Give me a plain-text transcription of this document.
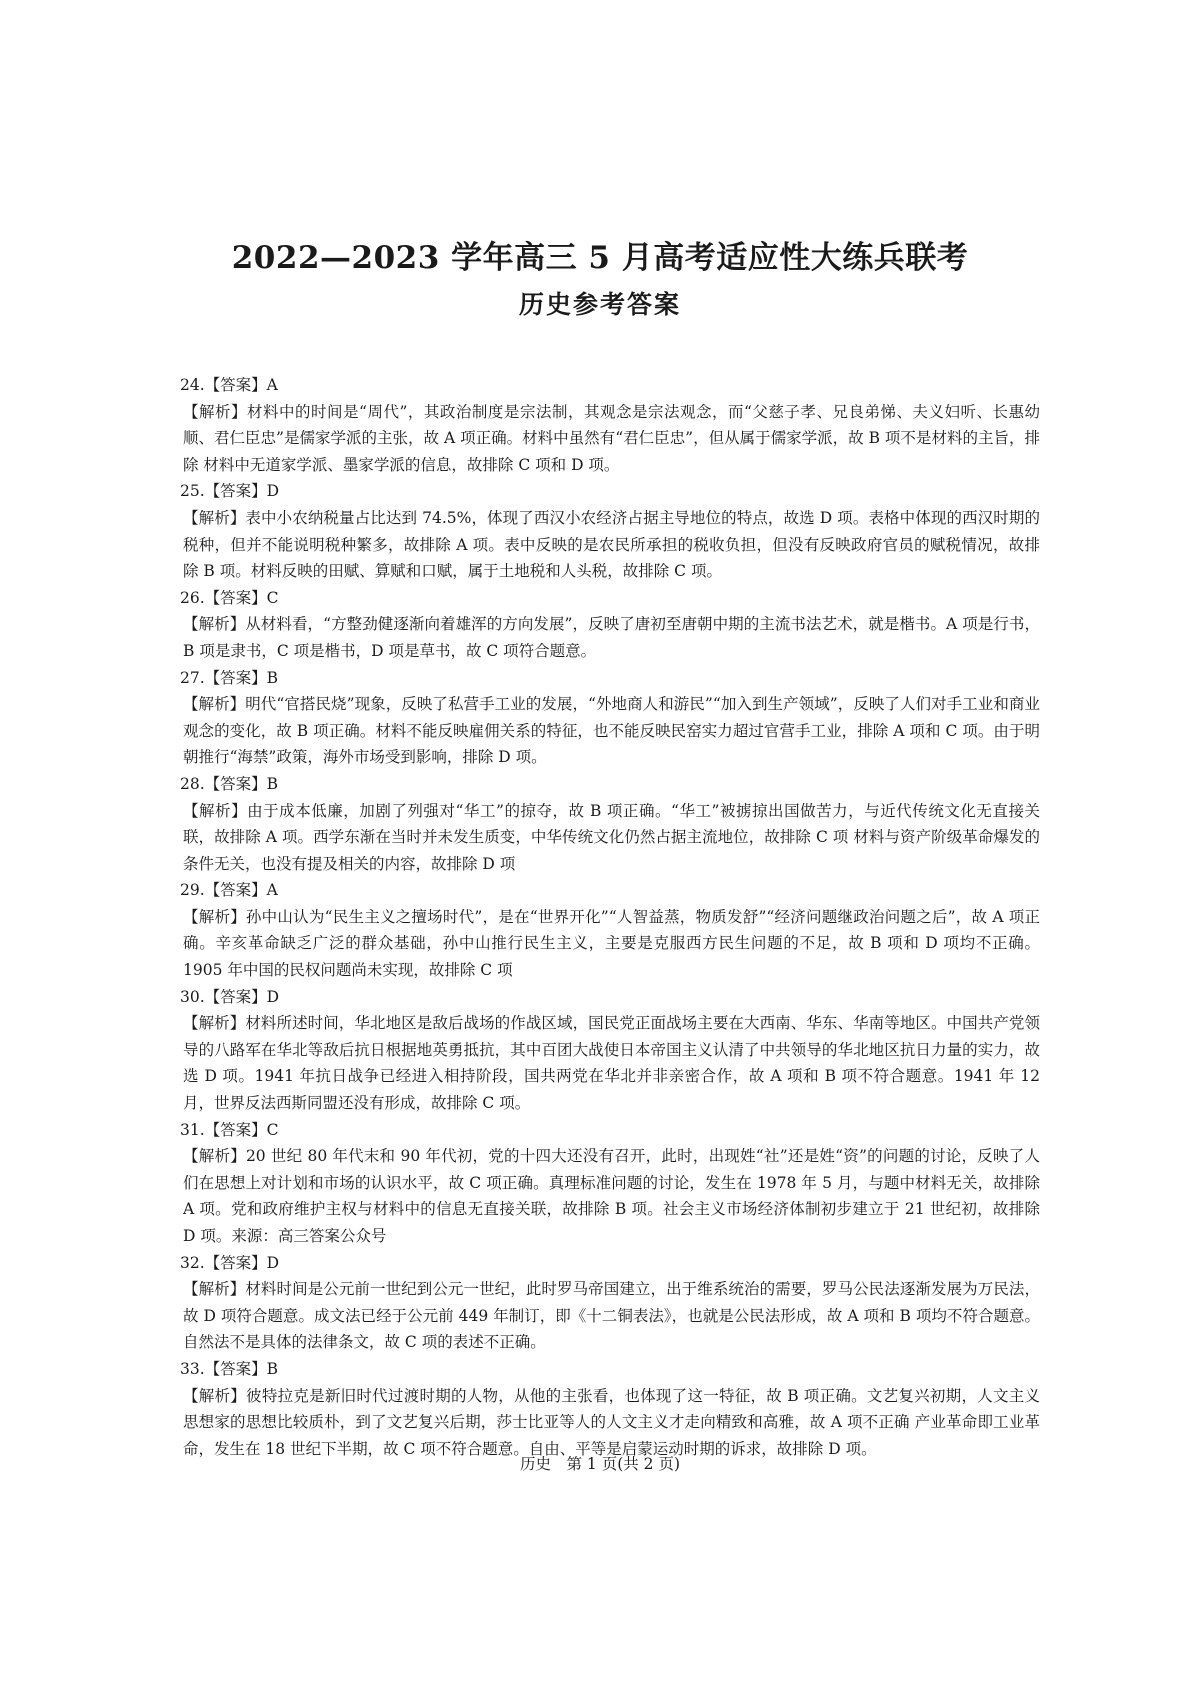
2022—2023 学年高三 5 月高考适应性大练兵联考
历史参考答案

24.【答案】A

【解析】材料中的时间是“周代”，其政治制度是宗法制，其观念是宗法观念，而“父慈子孝、兄良弟悌、夫义妇听、长惠幼顺、君仁臣忠”是儒家学派的主张，故 A 项正确。材料中虽然有“君仁臣忠”，但从属于儒家学派，故 B 项不是材料的主旨，排除 材料中无道家学派、墨家学派的信息，故排除 C 项和 D 项。

25.【答案】D

【解析】表中小农纳税量占比达到 74.5%，体现了西汉小农经济占据主导地位的特点，故选 D 项。表格中体现的西汉时期的税种，但并不能说明税种繁多，故排除 A 项。表中反映的是农民所承担的税收负担，但没有反映政府官员的赋税情况，故排除 B 项。材料反映的田赋、算赋和口赋，属于土地税和人头税，故排除 C 项。

26.【答案】C

【解析】从材料看，“方整劲健逐渐向着雄浑的方向发展”，反映了唐初至唐朝中期的主流书法艺术，就是楷书。A 项是行书，B 项是隶书，C 项是楷书，D 项是草书，故 C 项符合题意。

27.【答案】B

【解析】明代“官搭民烧”现象，反映了私营手工业的发展，“外地商人和游民”“加入到生产领域”，反映了人们对手工业和商业观念的变化，故 B 项正确。材料不能反映雇佣关系的特征，也不能反映民窑实力超过官营手工业，排除 A 项和 C 项。由于明朝推行“海禁”政策，海外市场受到影响，排除 D 项。

28.【答案】B

【解析】由于成本低廉，加剧了列强对“华工”的掠夺，故 B 项正确。“华工”被掳掠出国做苦力，与近代传统文化无直接关联，故排除 A 项。西学东渐在当时并未发生质变，中华传统文化仍然占据主流地位，故排除 C 项 材料与资产阶级革命爆发的条件无关，也没有提及相关的内容，故排除 D 项

29.【答案】A

【解析】孙中山认为“民生主义之擅场时代”，是在“世界开化”“人智益蒸，物质发舒”“经济问题继政治问题之后”，故 A 项正确。辛亥革命缺乏广泛的群众基础，孙中山推行民生主义，主要是克服西方民生问题的不足，故 B 项和 D 项均不正确。1905 年中国的民权问题尚未实现，故排除 C 项

30.【答案】D

【解析】材料所述时间，华北地区是敌后战场的作战区域，国民党正面战场主要在大西南、华东、华南等地区。中国共产党领导的八路军在华北等敌后抗日根据地英勇抵抗，其中百团大战使日本帝国主义认清了中共领导的华北地区抗日力量的实力，故选 D 项。1941 年抗日战争已经进入相持阶段，国共两党在华北并非亲密合作，故 A 项和 B 项不符合题意。1941 年 12 月，世界反法西斯同盟还没有形成，故排除 C 项。

31.【答案】C

【解析】20 世纪 80 年代末和 90 年代初，党的十四大还没有召开，此时，出现姓“社”还是姓“资”的问题的讨论，反映了人们在思想上对计划和市场的认识水平，故 C 项正确。真理标准问题的讨论，发生在 1978 年 5 月，与题中材料无关，故排除 A 项。党和政府维护主权与材料中的信息无直接关联，故排除 B 项。社会主义市场经济体制初步建立于 21 世纪初，故排除 D 项。来源：高三答案公众号

32.【答案】D

【解析】材料时间是公元前一世纪到公元一世纪，此时罗马帝国建立，出于维系统治的需要，罗马公民法逐渐发展为万民法，故 D 项符合题意。成文法已经于公元前 449 年制订，即《十二铜表法》，也就是公民法形成，故 A 项和 B 项均不符合题意。自然法不是具体的法律条文，故 C 项的表述不正确。

33.【答案】B

【解析】彼特拉克是新旧时代过渡时期的人物，从他的主张看，也体现了这一特征，故 B 项正确。文艺复兴初期，人文主义思想家的思想比较质朴，到了文艺复兴后期，莎士比亚等人的人文主义才走向精致和高雅，故 A 项不正确 产业革命即工业革命，发生在 18 世纪下半期，故 C 项不符合题意。自由、平等是启蒙运动时期的诉求，故排除 D 项。

历史　第 1 页(共 2 页)
